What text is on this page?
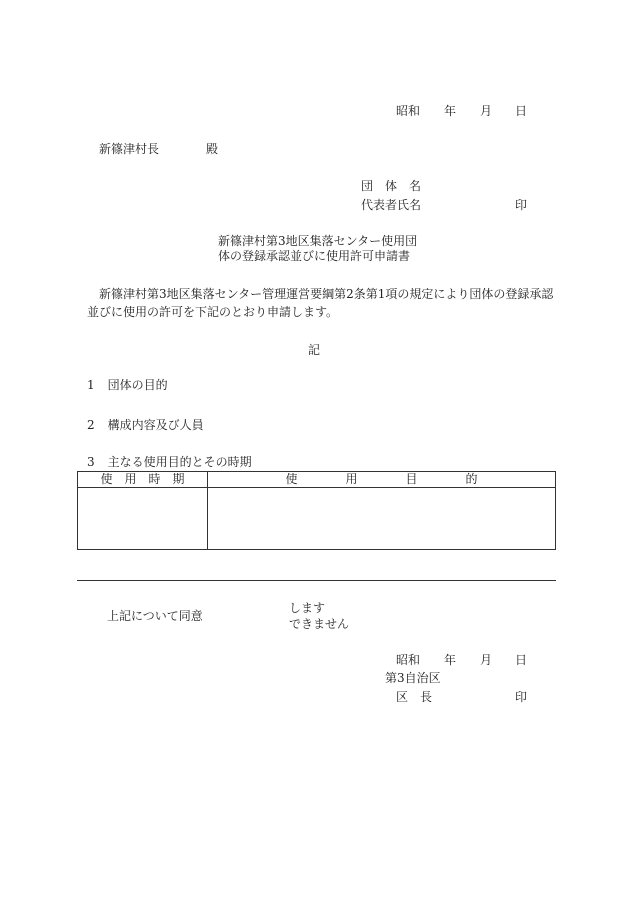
昭和 年 月 日
新篠津村長	殿
団　体　名
代表者氏名	印
新篠津村第3地区集落センター使用団
体の登録承認並びに使用許可申請書
新篠津村第3地区集落センター管理運営要綱第2条第1項の規定により団体の登録承認
並びに使用の許可を下記のとおり申請します。
記
1 団体の目的
2 構成内容及び人員
3 主なる使用目的とその時期
使　用　時　期	使　　　　用　　　　目　　　　的

上記について同意
します
できません
昭和 年 月 日
第3自治区
区　長	印
